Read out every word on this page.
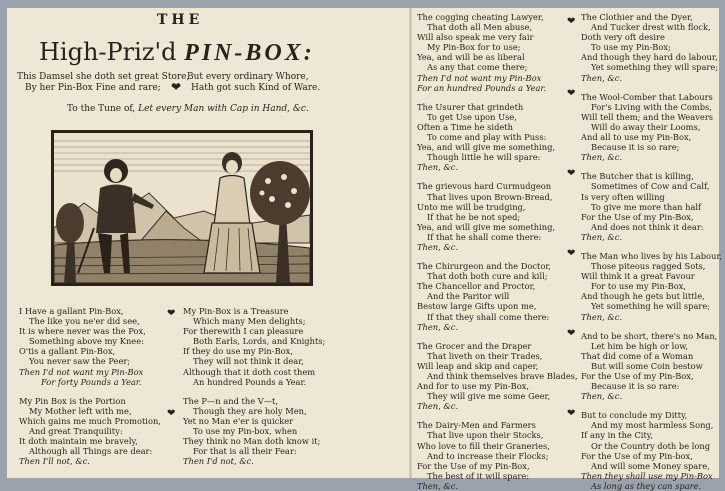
THE
High-Priz'd PIN-BOX:
This Damsel she doth set great Store,
By her Pin-Box Fine and rare; ❤
But every ordinary Whore,
Hath got such Kind of Ware.
To the Tune of, Let every Man with Cap in Hand, &c.
❤
❤
❤
❤
❤
❤
❤
❤
I Have a gallant Pin-Box,
The like you ne'er did see,
It is where never was the Pox,
Something above my Knee:
O'tis a gallant Pin-Box,
You never saw the Peer;
Then I'd not want my Pin-Box
For forty Pounds a Year.
My Pin Box is the Portion
My Mother left with me,
Which gains me much Promotion,
And great Tranquility:
It doth maintain me bravely,
Although all Things are dear:
Then I'll not, &c.
My Pin-Box is a Treasure
Which many Men delights;
For therewith I can pleasure
Both Earls, Lords, and Knights;
If they do use my Pin-Box,
They will not think it dear,
Although that it doth cost them
An hundred Pounds a Year.
The P—n and the V—t,
Though they are holy Men,
Yet no Man e'er is quicker
To use my Pin-box, when
They think no Man doth know it;
For that is all their Fear:
Then I'd not, &c.
The cogging cheating Lawyer,
That doth all Men abuse,
Will also speak me very fair
My Pin-Box for to use;
Yea, and will be as liberal
As any that come there;
Then I'd not want my Pin-Box
For an hundred Pounds a Year.
The Usurer that grindeth
To get Use upon Use,
Often a Time he sideth
To come and play with Puss:
Yea, and will give me something,
Though little he will spare:
Then, &c.
The grievous hard Curmudgeon
That lives upon Brown-Bread,
Unto me will be trudging,
If that he be not sped;
Yea, and will give me something,
If that he shall come there:
Then, &c.
The Chirurgeon and the Doctor,
That doth both cure and kill;
The Chancellor and Proctor,
And the Paritor will
Bestow large Gifts upon me,
If that they shall come there:
Then, &c.
The Grocer and the Draper
That liveth on their Trades,
Will leap and skip and caper,
And think themselves brave Blades,
And for to use my Pin-Box,
They will give me some Geer,
Then, &c.
The Dairy-Men and Farmers
That live upon their Stocks,
Who love to fill their Graneries,
And to increase their Flocks;
For the Use of my Pin-Box,
The best of it will spare:
Then, &c.
The Clothier and the Dyer,
And Tucker drest with flock,
Doth very oft desire
To use my Pin-Box;
And though they hard do labour,
Yet something they will spare;
Then, &c.
The Wool-Comber that Labours
For's Living with the Combs,
Will tell them; and the Weavers
Will do away their Looms,
And all to use my Pin-Box,
Because it is so rare;
Then, &c.
The Butcher that is killing,
Sometimes of Cow and Calf,
Is very often willing
To give me more than half
For the Use of my Pin-Box,
And does not think it dear:
Then, &c.
The Man who lives by his Labour,
Those piteous ragged Sots,
Will think it a great Favour
For to use my Pin-Box,
And though he gets but little,
Yet something he will spare;
Then, &c.
And to be short, there's no Man,
Let him be high or low,
That did come of a Woman
But will some Coin bestow
For the Use of my Pin-Box,
Because it is so rare:
Then, &c.
But to conclude my Ditty,
And my most harmless Song,
If any in the City,
Or the Country doth be long
For the Use of my Pin-box,
And will some Money spare,
Then they shall use my Pin-Box
As long as they can spare.
